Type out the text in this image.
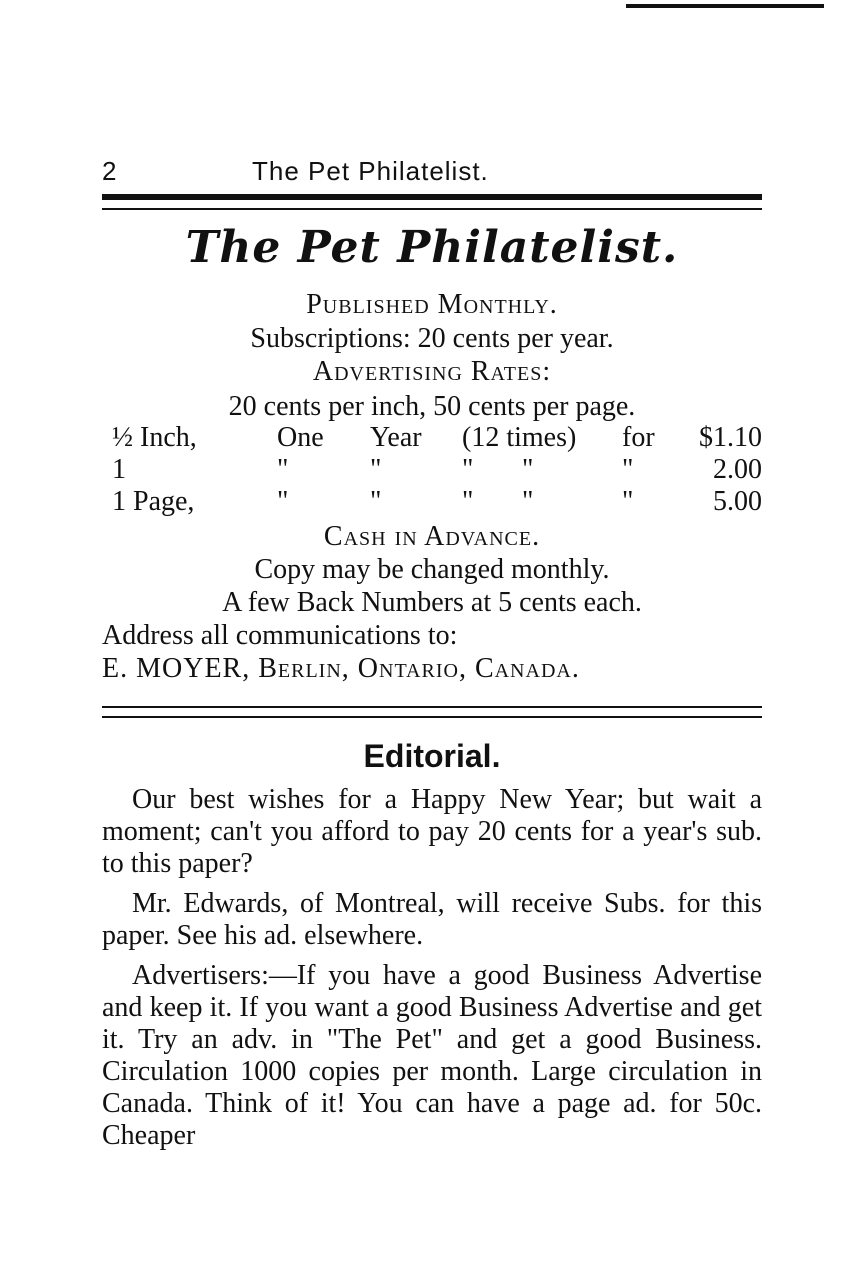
2	The Pet Philatelist.
The Pet Philatelist.
Published Monthly.
Subscriptions: 20 cents per year.
Advertising Rates:
20 cents per inch, 50 cents per page.
½ Inch,	One Year (12 times) for $1.10
1	"	"	" "	"	2.00
1 Page,	"	"	" "	"	5.00
Cash in Advance.
Copy may be changed monthly.
A few Back Numbers at 5 cents each.
Address all communications to:
E. MOYER, Berlin, Ontario, Canada.
Editorial.
Our best wishes for a Happy New Year; but wait a moment; can't you afford to pay 20 cents for a year's sub. to this paper?
Mr. Edwards, of Montreal, will receive Subs. for this paper. See his ad. elsewhere.
Advertisers:—If you have a good Business Advertise and keep it. If you want a good Business Advertise and get it. Try an adv. in "The Pet" and get a good Business. Circulation 1000 copies per month. Large circulation in Canada. Think of it! You can have a page ad. for 50c. Cheaper
